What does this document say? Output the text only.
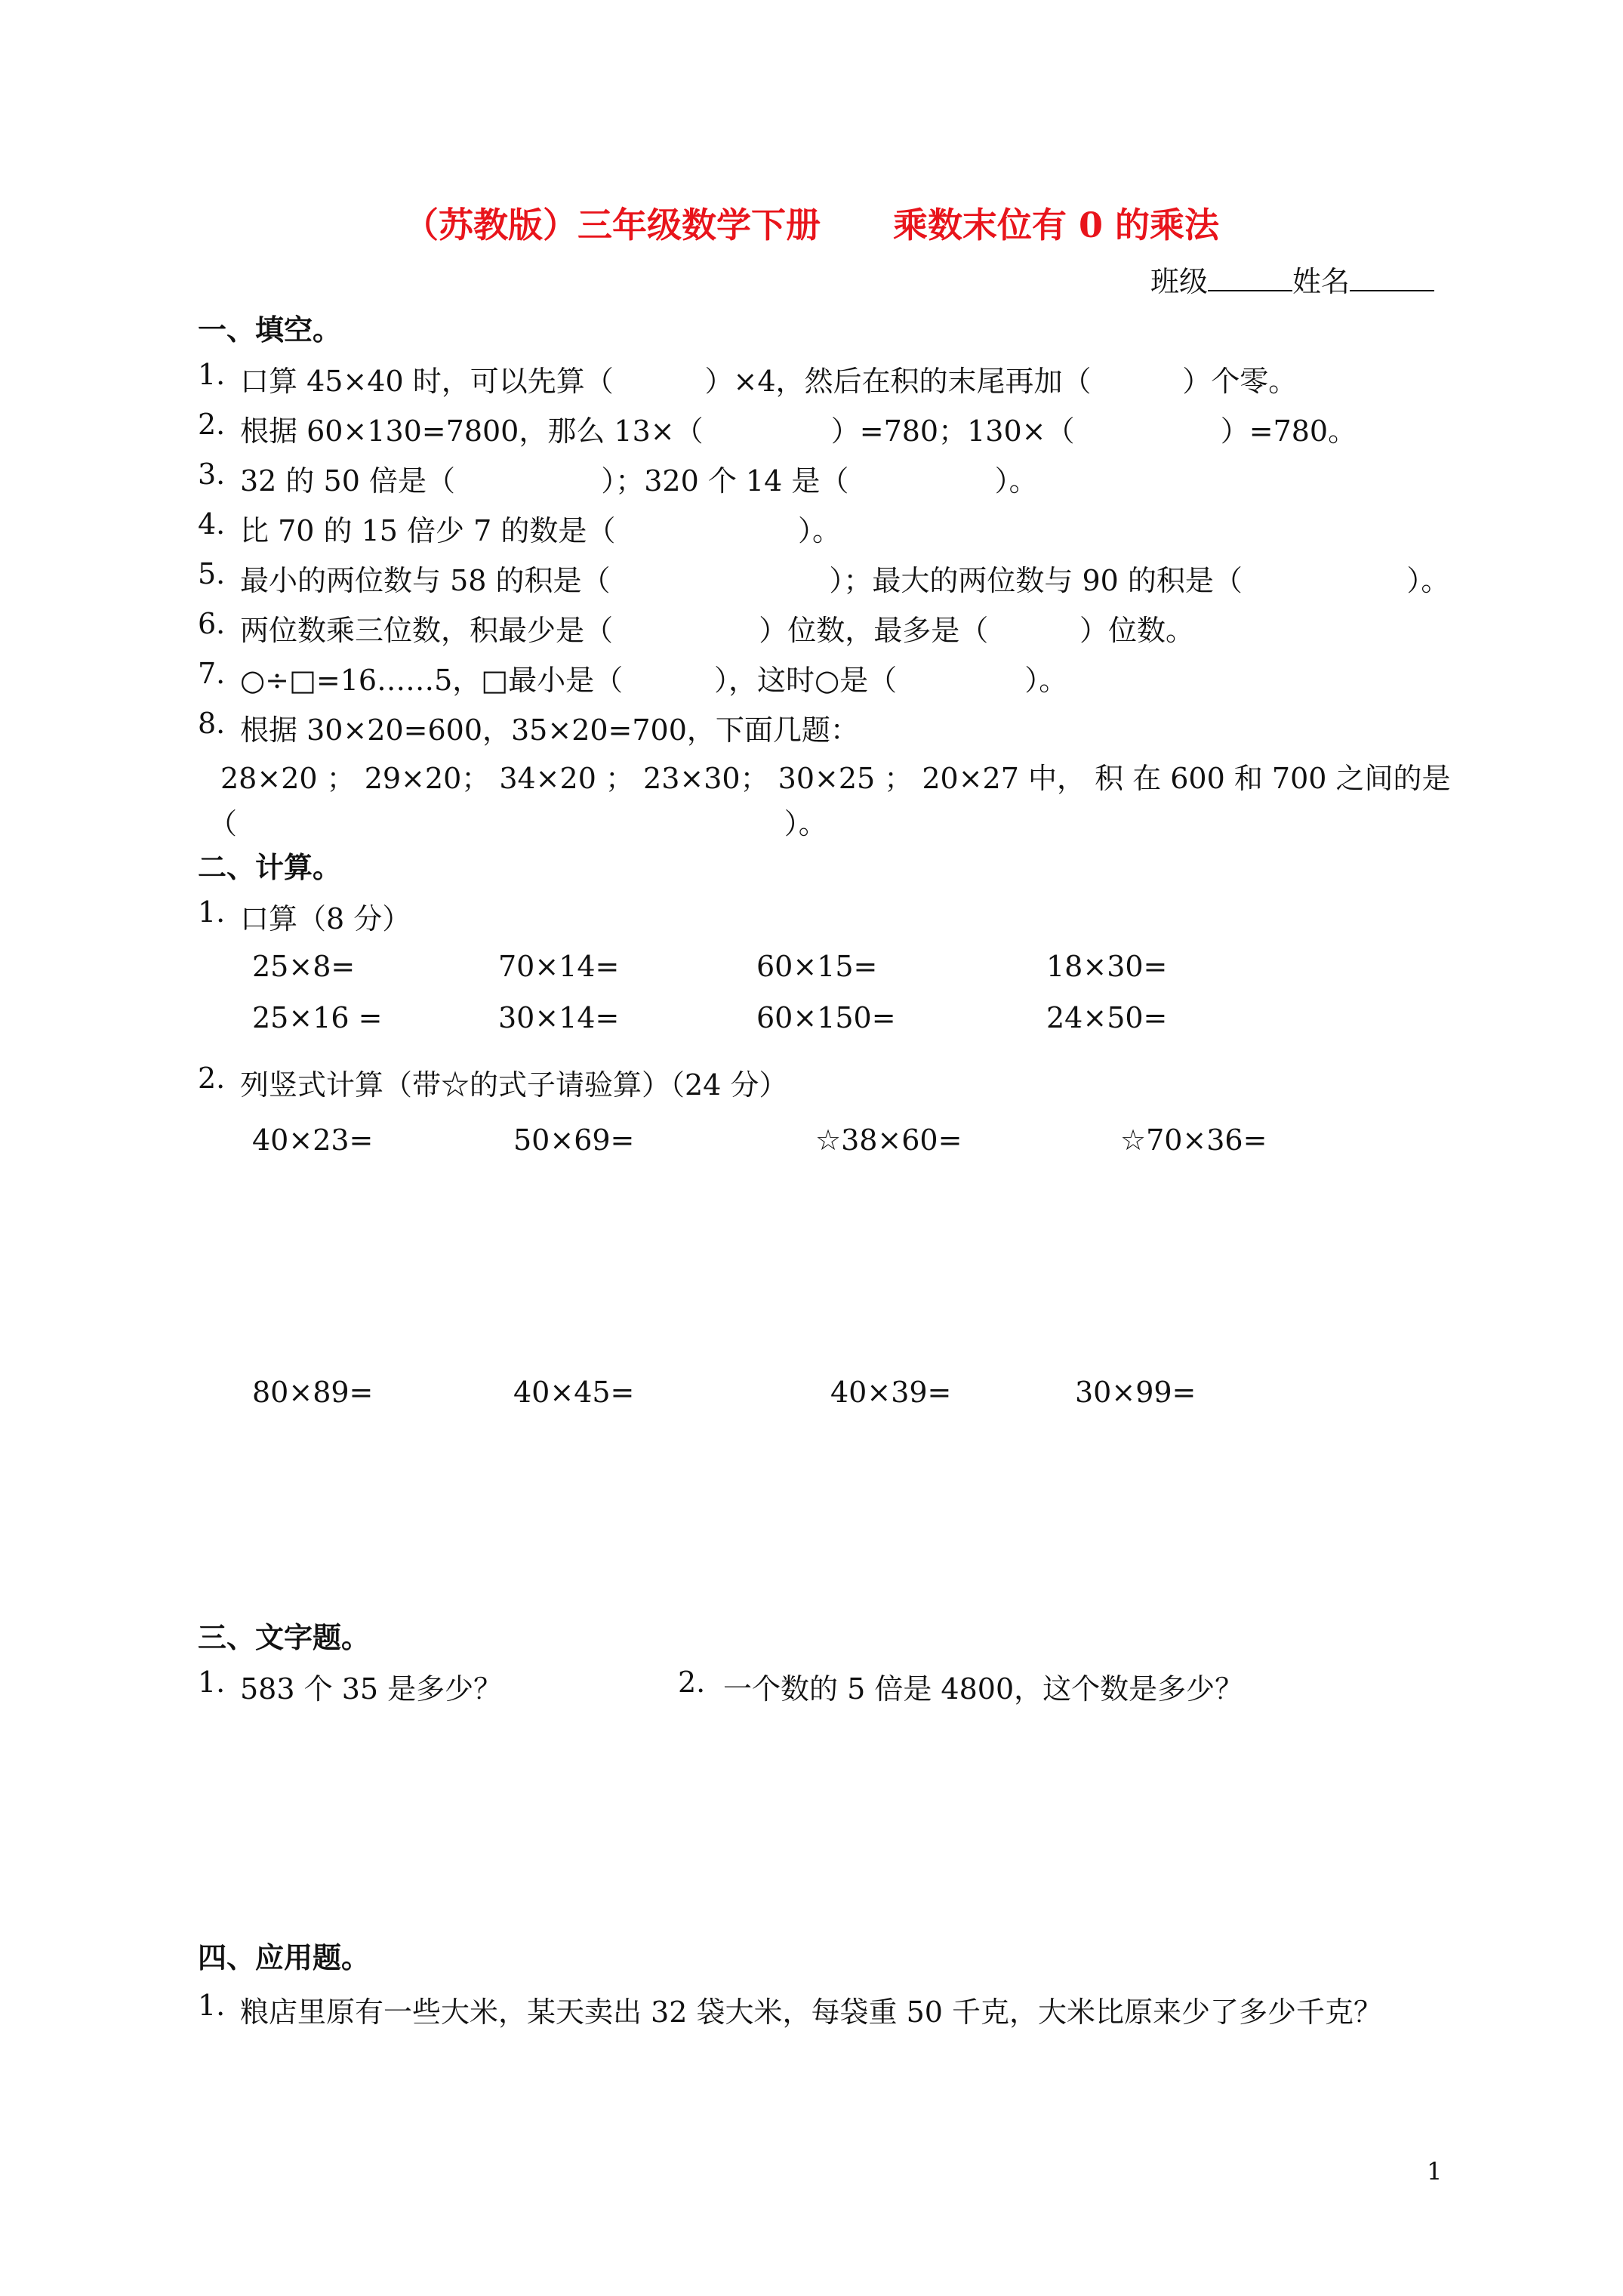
（苏教版）三年级数学下册      乘数末位有 0 的乘法
班级	姓名
一、填空。
1. 口算 45×40 时，可以先算（          ）×4，然后在积的末尾再加（          ）个零。
2. 根据 60×130=7800，那么 13×（              ）=780；130×（                ）=780。
3. 32 的 50 倍是（                ）；320 个 14 是（                ）。
4. 比 70 的 15 倍少 7 的数是（                    ）。
5. 最小的两位数与 58 的积是（                        ）；最大的两位数与 90 的积是（                  ）。
6. 两位数乘三位数，积最少是（                ）位数，最多是（          ）位数。
7. ○÷□=16……5，□最小是（          ），这时○是（              ）。
8. 根据 30×20=600，35×20=700，下面几题：
28×20 ； 29×20； 34×20 ； 23×30； 30×25 ； 20×27 中， 积 在 600 和 700 之间的是
（                                                            ）。
二、计算。
1. 口算（8 分）
25×8=	70×14=	60×15=	18×30=
25×16 =	30×14=	60×150=	24×50=
2. 列竖式计算（带☆的式子请验算）（24 分）
40×23=	50×69=	☆38×60=	☆70×36=
80×89=	40×45=	40×39=	30×99=
三、文字题。
1. 583 个 35 是多少？	2. 一个数的 5 倍是 4800，这个数是多少？
四、应用题。
1. 粮店里原有一些大米，某天卖出 32 袋大米，每袋重 50 千克，大米比原来少了多少千克？
1
